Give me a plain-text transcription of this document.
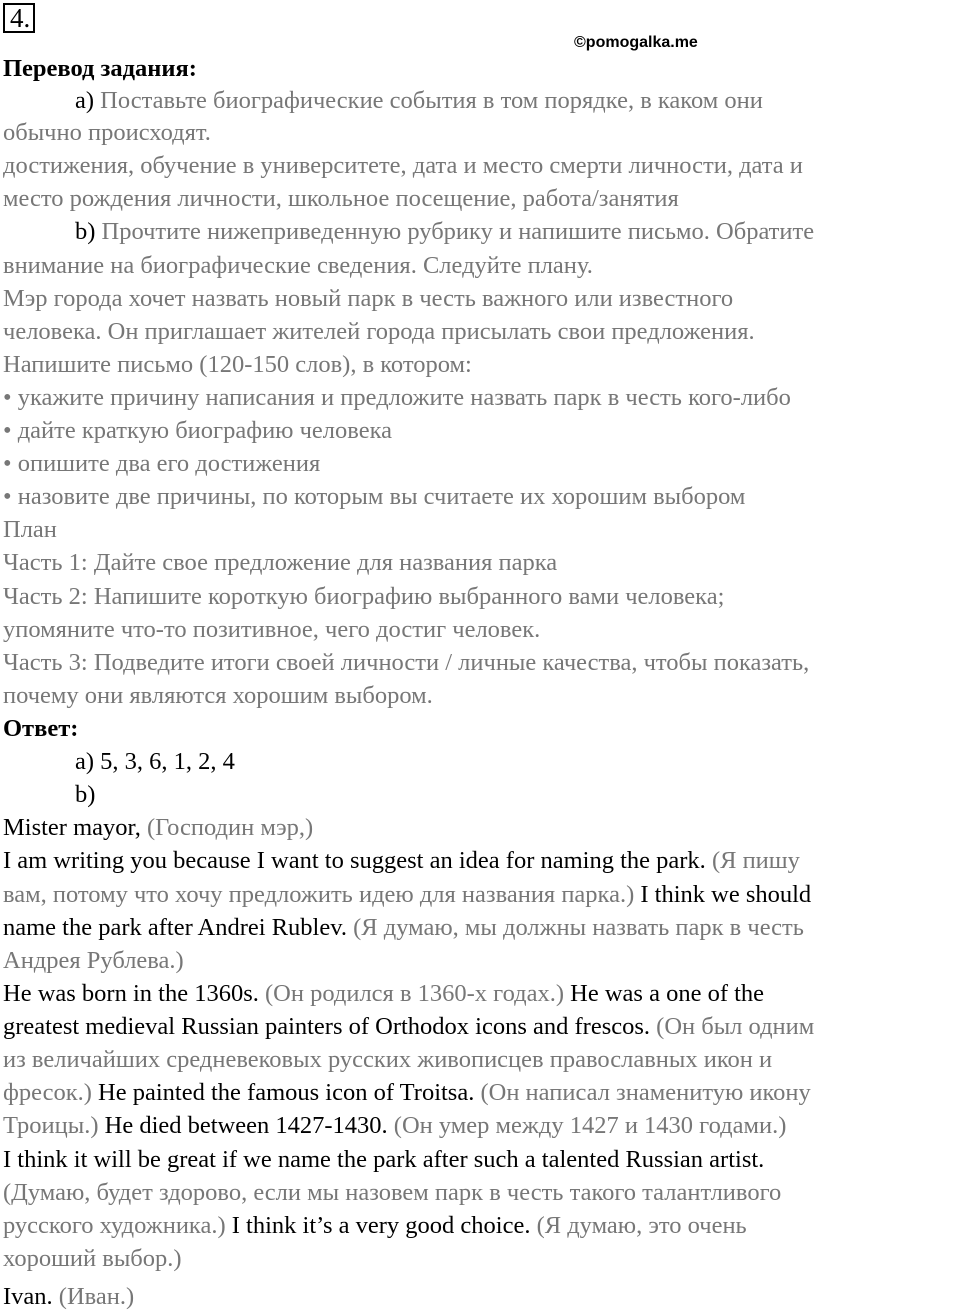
4.
©pomogalka.me
Перевод задания:
a) Поставьте биографические события в том порядке, в каком они
обычно происходят.
достижения, обучение в университете, дата и место смерти личности, дата и
место рождения личности, школьное посещение, работа/занятия
b) Прочтите нижеприведенную рубрику и напишите письмо. Обратите
внимание на биографические сведения. Следуйте плану.
Мэр города хочет назвать новый парк в честь важного или известного
человека. Он приглашает жителей города присылать свои предложения.
Напишите письмо (120-150 слов), в котором:
• укажите причину написания и предложите назвать парк в честь кого-либо
• дайте краткую биографию человека
• опишите два его достижения
• назовите две причины, по которым вы считаете их хорошим выбором
План
Часть 1: Дайте свое предложение для названия парка
Часть 2: Напишите короткую биографию выбранного вами человека;
упомяните что-то позитивное, чего достиг человек.
Часть 3: Подведите итоги своей личности / личные качества, чтобы показать,
почему они являются хорошим выбором.
Ответ:
a) 5, 3, 6, 1, 2, 4
b)
Mister mayor, (Господин мэр,)
I am writing you because I want to suggest an idea for naming the park. (Я пишу
вам, потому что хочу предложить идею для названия парка.) I think we should
name the park after Andrei Rublev. (Я думаю, мы должны назвать парк в честь
Андрея Рублева.)
He was born in the 1360s. (Он родился в 1360-х годах.) He was a one of the
greatest medieval Russian painters of Orthodox icons and frescos. (Он был одним
из величайших средневековых русских живописцев православных икон и
фресок.) He painted the famous icon of Troitsa. (Он написал знаменитую икону
Троицы.) He died between 1427-1430. (Он умер между 1427 и 1430 годами.)
I think it will be great if we name the park after such a talented Russian artist.
(Думаю, будет здорово, если мы назовем парк в честь такого талантливого
русского художника.) I think it’s a very good choice. (Я думаю, это очень
хороший выбор.)
Ivan. (Иван.)
